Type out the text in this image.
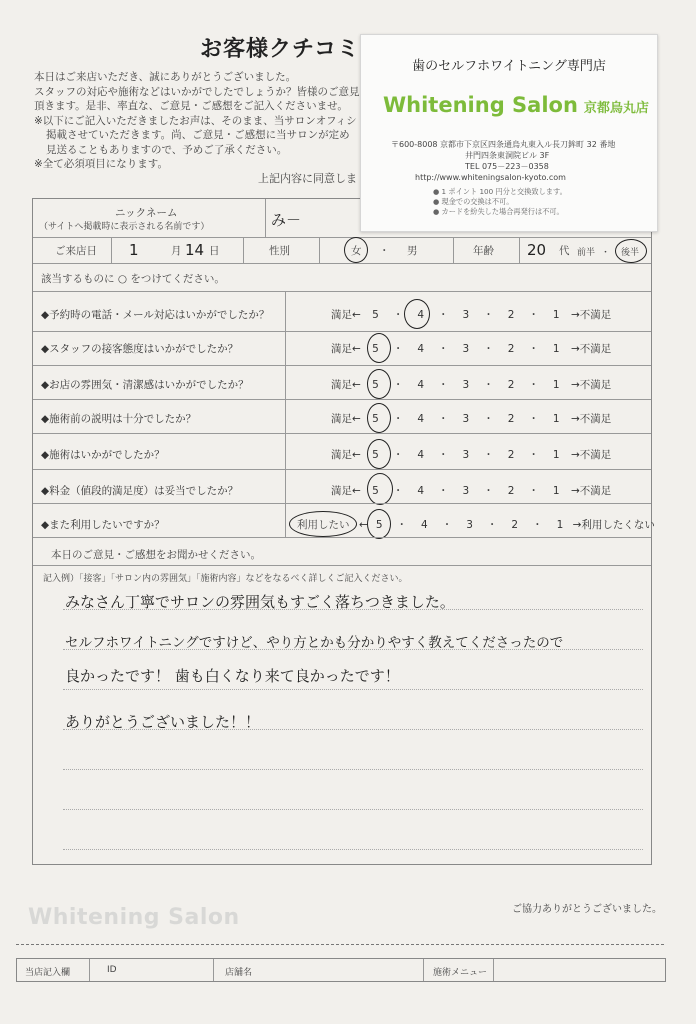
お客様クチコミ
本日はご来店いただき、誠にありがとうございました。
スタッフの対応や施術などはいかがでしたでしょうか？皆様のご意見
頂きます。是非、率直な、ご意見・ご感想をご記入くださいませ。
※以下にご記入いただきましたお声は、そのまま、当サロンオフィシ
掲載させていただきます。尚、ご意見・ご感想に当サロンが定め
見送ることもありますので、予めご了承ください。
※全て必須項目になります。
上記内容に同意しま
ニックネーム
（サイトへ掲載時に表示される名前です）	み－
ご来店日 1	月 14 日	性別	女 ・ 男	年齢 20 代 前半 ・ 後半
該当するものに ○ をつけてください。
◆予約時の電話・メール対応はいかがでしたか？	満足← 5 ・ 4 ・ 3 ・ 2 ・ 1 →不満足
◆スタッフの接客態度はいかがでしたか？	満足← 5 ・ 4 ・ 3 ・ 2 ・ 1 →不満足
◆お店の雰囲気・清潔感はいかがでしたか？	満足← 5 ・ 4 ・ 3 ・ 2 ・ 1 →不満足
◆施術前の説明は十分でしたか？	満足← 5 ・ 4 ・ 3 ・ 2 ・ 1 →不満足
◆施術はいかがでしたか？	満足← 5 ・ 4 ・ 3 ・ 2 ・ 1 →不満足
◆料金（値段的満足度）は妥当でしたか？	満足← 5 ・ 4 ・ 3 ・ 2 ・ 1 →不満足
◆また利用したいですか？	利用したい ← 5 ・ 4 ・ 3 ・ 2 ・ 1 →利用したくない
本日のご意見・ご感想をお聞かせください。
記入例）「接客」「サロン内の雰囲気」「施術内容」などをなるべく詳しくご記入ください。
みなさん丁寧でサロンの雰囲気もすごく落ちつきました。
セルフホワイトニングですけど、やり方とかも分かりやすく教えてくださったので
良かったです！ 歯も白くなり来て良かったです！
ありがとうございました！！
歯のセルフホワイトニング専門店
Whitening Salon 京都烏丸店
〒600-8008 京都市下京区四条通烏丸東入ル長刀鉾町 32 番地
井門四条東洞院ビル 3F
TEL 075－223－0358
http://www.whiteningsalon-kyoto.com
● 1 ポイント 100 円分と交換致します。
● 現金での交換は不可。
● カードを紛失した場合再発行は不可。
Whitening Salon	ご協力ありがとうございました。
当店記入欄	ID	店舗名	施術メニュー
